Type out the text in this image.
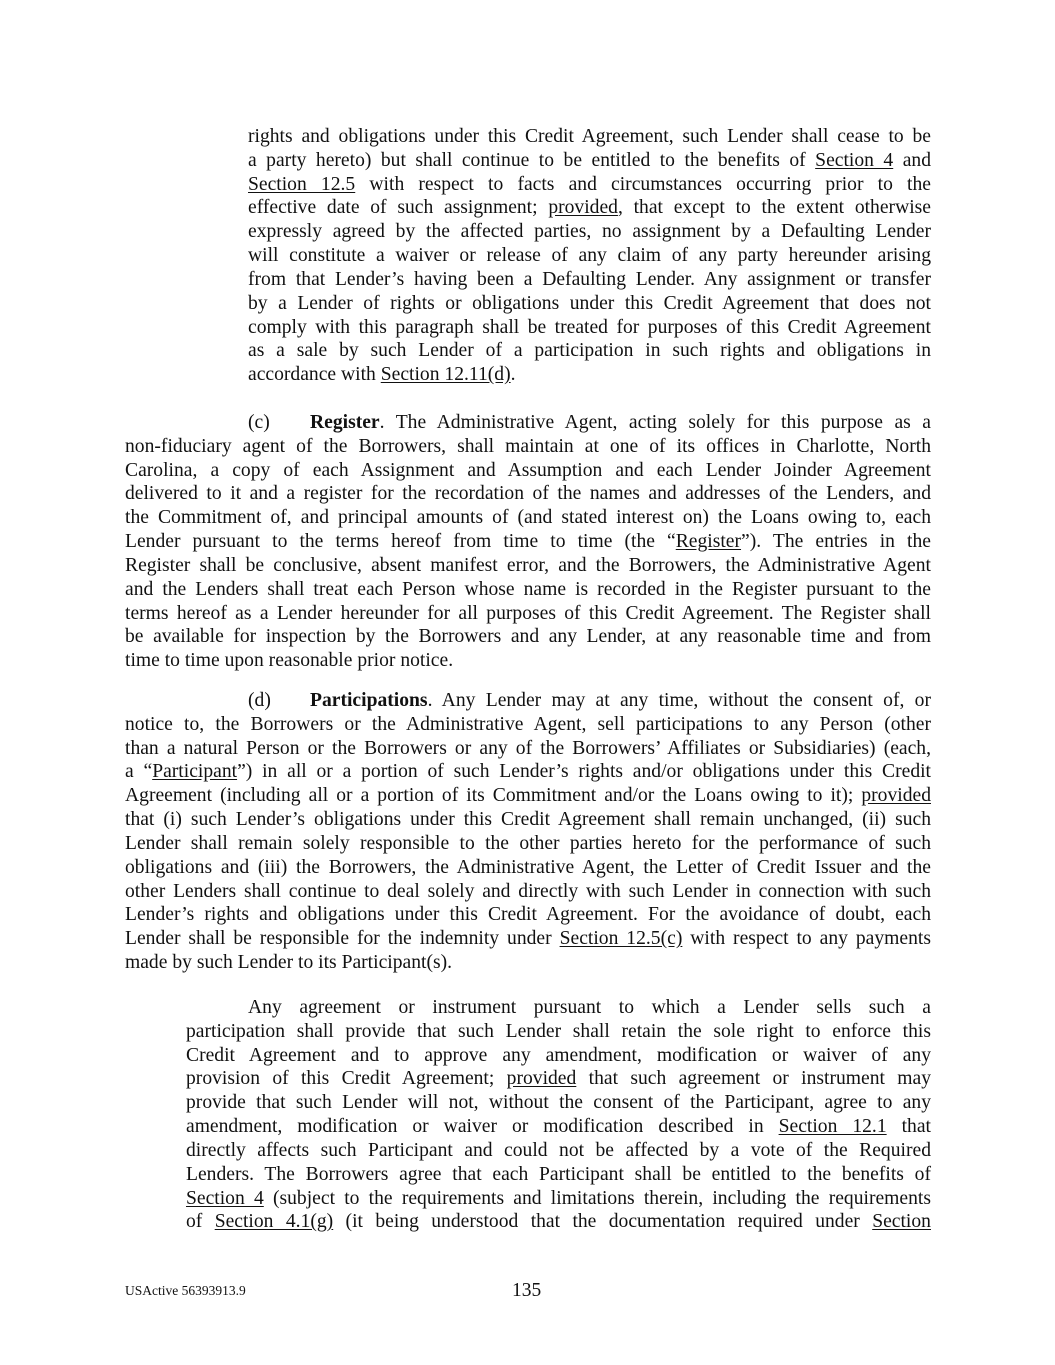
rights and obligations under this Credit Agreement, such Lender shall cease to be
a party hereto) but shall continue to be entitled to the benefits of Section 4 and
Section 12.5 with respect to facts and circumstances occurring prior to the
effective date of such assignment; provided, that except to the extent otherwise
expressly agreed by the affected parties, no assignment by a Defaulting Lender
will constitute a waiver or release of any claim of any party hereunder arising
from that Lender’s having been a Defaulting Lender. Any assignment or transfer
by a Lender of rights or obligations under this Credit Agreement that does not
comply with this paragraph shall be treated for purposes of this Credit Agreement
as a sale by such Lender of a participation in such rights and obligations in
accordance with Section 12.11(d).
(c) Register. The Administrative Agent, acting solely for this purpose as a
non-fiduciary agent of the Borrowers, shall maintain at one of its offices in Charlotte, North
Carolina, a copy of each Assignment and Assumption and each Lender Joinder Agreement
delivered to it and a register for the recordation of the names and addresses of the Lenders, and
the Commitment of, and principal amounts of (and stated interest on) the Loans owing to, each
Lender pursuant to the terms hereof from time to time (the “Register”). The entries in the
Register shall be conclusive, absent manifest error, and the Borrowers, the Administrative Agent
and the Lenders shall treat each Person whose name is recorded in the Register pursuant to the
terms hereof as a Lender hereunder for all purposes of this Credit Agreement. The Register shall
be available for inspection by the Borrowers and any Lender, at any reasonable time and from
time to time upon reasonable prior notice.
(d) Participations. Any Lender may at any time, without the consent of, or
notice to, the Borrowers or the Administrative Agent, sell participations to any Person (other
than a natural Person or the Borrowers or any of the Borrowers’ Affiliates or Subsidiaries) (each,
a “Participant”) in all or a portion of such Lender’s rights and/or obligations under this Credit
Agreement (including all or a portion of its Commitment and/or the Loans owing to it); provided
that (i) such Lender’s obligations under this Credit Agreement shall remain unchanged, (ii) such
Lender shall remain solely responsible to the other parties hereto for the performance of such
obligations and (iii) the Borrowers, the Administrative Agent, the Letter of Credit Issuer and the
other Lenders shall continue to deal solely and directly with such Lender in connection with such
Lender’s rights and obligations under this Credit Agreement. For the avoidance of doubt, each
Lender shall be responsible for the indemnity under Section 12.5(c) with respect to any payments
made by such Lender to its Participant(s).
Any agreement or instrument pursuant to which a Lender sells such a
participation shall provide that such Lender shall retain the sole right to enforce this
Credit Agreement and to approve any amendment, modification or waiver of any
provision of this Credit Agreement; provided that such agreement or instrument may
provide that such Lender will not, without the consent of the Participant, agree to any
amendment, modification or waiver or modification described in Section 12.1 that
directly affects such Participant and could not be affected by a vote of the Required
Lenders. The Borrowers agree that each Participant shall be entitled to the benefits of
Section 4 (subject to the requirements and limitations therein, including the requirements
of Section 4.1(g) (it being understood that the documentation required under Section
USActive 56393913.9	135
